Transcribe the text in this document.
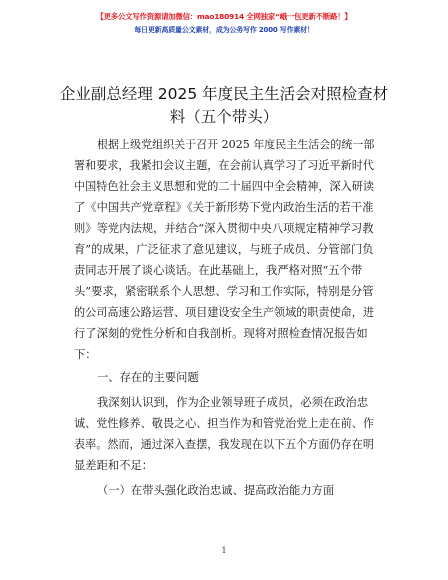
【更多公文写作资源请加微信：mao180914 全网独家“峨一包更新不断路！】
每日更新高质量公文素材，成为公务写作 2000 写作素材！
企业副总经理 2025 年度民主生活会对照检查材
料（五个带头）
根据上级党组织关于召开 2025 年度民主生活会的统一部
署和要求，我紧扣会议主题，在会前认真学习了习近平新时代
中国特色社会主义思想和党的二十届四中全会精神，深入研读
了《中国共产党章程》《关于新形势下党内政治生活的若干准
则》等党内法规，并结合“深入贯彻中央八项规定精神学习教
育”的成果，广泛征求了意见建议，与班子成员、分管部门负
责同志开展了谈心谈话。在此基础上，我严格对照“五个带
头”要求，紧密联系个人思想、学习和工作实际，特别是分管
的公司高速公路运营、项目建设安全生产领域的职责使命，进
行了深刻的党性分析和自我剖析。现将对照检查情况报告如
下：
一、存在的主要问题
我深刻认识到，作为企业领导班子成员，必须在政治忠
诚、党性修养、敬畏之心、担当作为和管党治党上走在前、作
表率。然而，通过深入查摆，我发现在以下五个方面仍存在明
显差距和不足：
（一）在带头强化政治忠诚、提高政治能力方面
1
